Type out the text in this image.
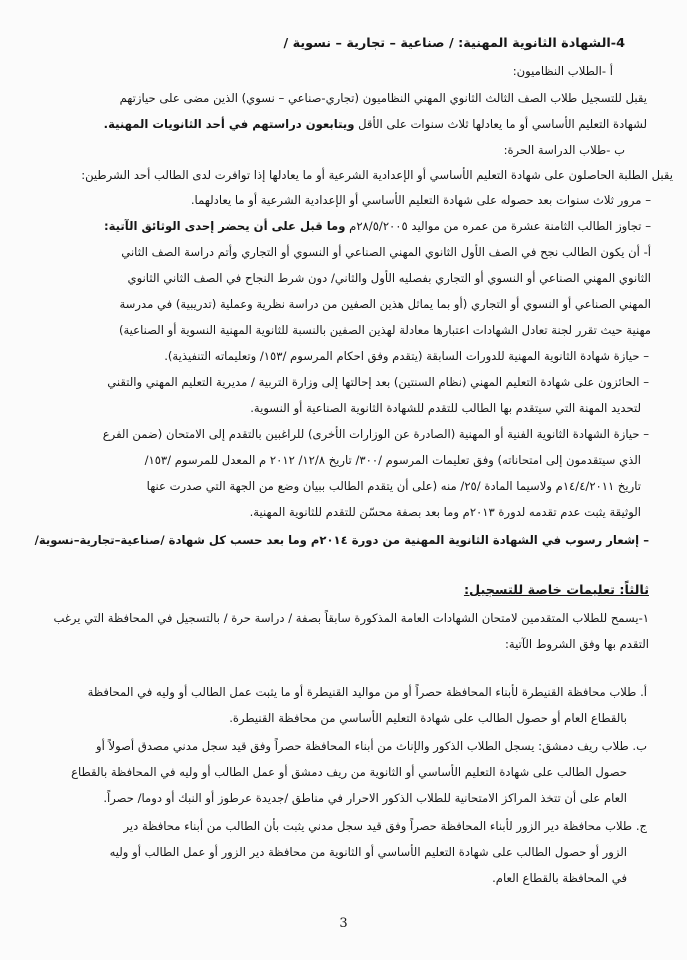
4-الشهادة الثانوية المهنية: / صناعية – تجارية – نسوية /
أ -الطلاب النظاميون:
يقبل للتسجيل طلاب الصف الثالث الثانوي المهني النظاميون (تجاري-صناعي – نسوي) الذين مضى على حيازتهم
لشهادة التعليم الأساسي أو ما يعادلها ثلاث سنوات على الأقل ويتابعون دراستهم في أحد الثانويات المهنية.
ب -طلاب الدراسة الحرة:
يقبل الطلبة الحاصلون على شهادة التعليم الأساسي أو الإعدادية الشرعية أو ما يعادلها إذا توافرت لدى الطالب أحد الشرطين:
– مرور ثلاث سنوات بعد حصوله على شهادة التعليم الأساسي أو الإعدادية الشرعية أو ما يعادلهما.
– تجاوز الطالب الثامنة عشرة من عمره من مواليد ٢٨/٥/٢٠٠٥م وما قبل على أن يحضر إحدى الوثائق الآتية:
أ- أن يكون الطالب نجح في الصف الأول الثانوي المهني الصناعي أو النسوي أو التجاري وأتم دراسة الصف الثاني
الثانوي المهني الصناعي أو النسوي أو التجاري بفصليه الأول والثاني/ دون شرط النجاح في الصف الثاني الثانوي
المهني الصناعي أو النسوي أو التجاري (أو بما يماثل هذين الصفين من دراسة نظرية وعملية (تدريبية) في مدرسة
مهنية حيث تقرر لجنة تعادل الشهادات اعتبارها معادلة لهذين الصفين بالنسبة للثانوية المهنية النسوية أو الصناعية)
– حيازة شهادة الثانوية المهنية للدورات السابقة (يتقدم وفق احكام المرسوم /١٥٣/ وتعليماته التنفيذية).
– الحائزون على شهادة التعليم المهني (نظام السنتين) بعد إحالتها إلى وزارة التربية / مديرية التعليم المهني والتقني
لتحديد المهنة التي سيتقدم بها الطالب للتقدم للشهادة الثانوية الصناعية أو النسوية.
– حيازة الشهادة الثانوية الفنية أو المهنية (الصادرة عن الوزارات الأخرى) للراغبين بالتقدم إلى الامتحان (ضمن الفرع
الذي سيتقدمون إلى امتحاناته) وفق تعليمات المرسوم /٣٠٠/ تاريخ ١٢/٨/ ٢٠١٢ م المعدل للمرسوم /١٥٣/
تاريخ ١٤/٤/٢٠١١م ولاسيما المادة /٢٥/ منه (على أن يتقدم الطالب ببيان وضع من الجهة التي صدرت عنها
الوثيقة يثبت عدم تقدمه لدورة ٢٠١٣م وما بعد بصفة محسّن للتقدم للثانوية المهنية.
– إشعار رسوب في الشهادة الثانوية المهنية من دورة ٢٠١٤م وما بعد حسب كل شهادة /صناعية–تجارية–نسوية/
ثالثاً: تعليمات خاصة للتسجيل:
١-يسمح للطلاب المتقدمين لامتحان الشهادات العامة المذكورة سابقاً بصفة / دراسة حرة / بالتسجيل في المحافظة التي يرغب
التقدم بها وفق الشروط الآتية:
أ. طلاب محافظة القنيطرة لأبناء المحافظة حصراً أو من مواليد القنيطرة أو ما يثبت عمل الطالب أو وليه في المحافظة
بالقطاع العام أو حصول الطالب على شهادة التعليم الأساسي من محافظة القنيطرة.
ب. طلاب ريف دمشق: يسجل الطلاب الذكور والإناث من أبناء المحافظة حصراً وفق قيد سجل مدني مصدق أصولاً أو
حصول الطالب على شهادة التعليم الأساسي أو الثانوية من ريف دمشق أو عمل الطالب أو وليه في المحافظة بالقطاع
العام على أن تتخذ المراكز الامتحانية للطلاب الذكور الاحرار في مناطق /جديدة عرطوز أو النبك أو دوما/ حصراً.
ج. طلاب محافظة دير الزور لأبناء المحافظة حصراً وفق قيد سجل مدني يثبت بأن الطالب من أبناء محافظة دير
الزور أو حصول الطالب على شهادة التعليم الأساسي أو الثانوية من محافظة دير الزور أو عمل الطالب أو وليه
في المحافظة بالقطاع العام.
3
